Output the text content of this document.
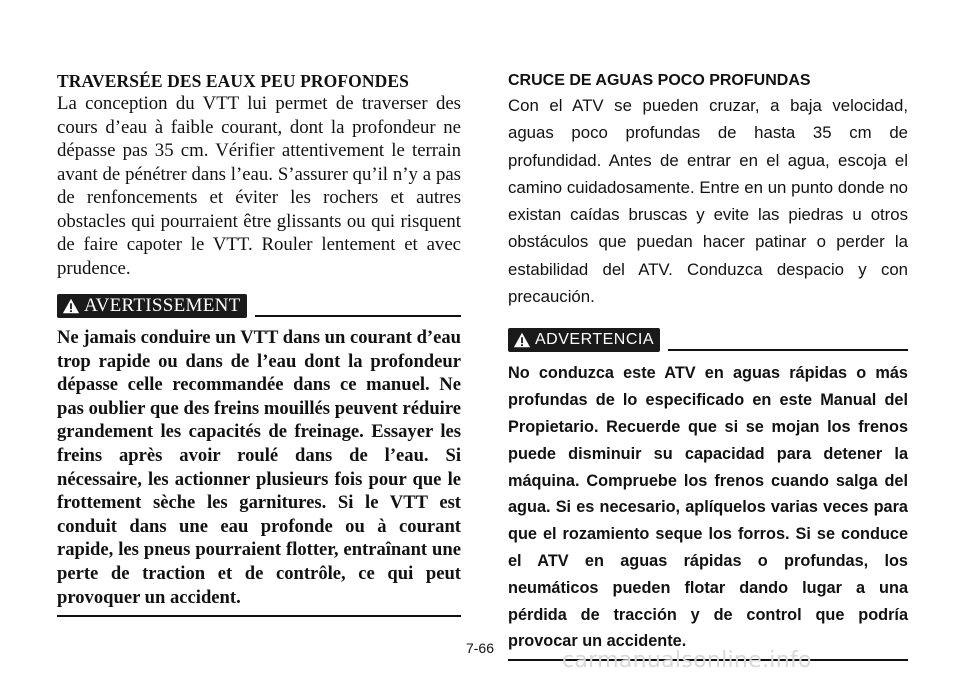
TRAVERSÉE DES EAUX PEU PROFONDES

La conception du VTT lui permet de traverser des cours d’eau à faible courant, dont la profondeur ne dépasse pas 35 cm. Vérifier attentivement le terrain avant de pénétrer dans l’eau. S’assurer qu’il n’y a pas de renfoncements et éviter les rochers et autres obstacles qui pourraient être glissants ou qui risquent de faire capoter le VTT. Rouler lentement et avec prudence.

AVERTISSEMENT

Ne jamais conduire un VTT dans un courant d’eau trop rapide ou dans de l’eau dont la profondeur dépasse celle recommandée dans ce manuel. Ne pas oublier que des freins mouillés peuvent réduire grandement les capacités de freinage. Essayer les freins après avoir roulé dans de l’eau. Si nécessaire, les actionner plusieurs fois pour que le frottement sèche les garnitures. Si le VTT est conduit dans une eau profonde ou à courant rapide, les pneus pourraient flotter, entraînant une perte de traction et de contrôle, ce qui peut provoquer un accident.

CRUCE DE AGUAS POCO PROFUNDAS

Con el ATV se pueden cruzar, a baja velocidad, aguas poco profundas de hasta 35 cm de profundidad. Antes de entrar en el agua, escoja el camino cuidadosamente. Entre en un punto donde no existan caídas bruscas y evite las piedras u otros obstáculos que puedan hacer patinar o perder la estabilidad del ATV. Conduzca despacio y con precaución.

ADVERTENCIA

No conduzca este ATV en aguas rápidas o más profundas de lo especificado en este Manual del Propietario. Recuerde que si se mojan los frenos puede disminuir su capacidad para detener la máquina. Compruebe los frenos cuando salga del agua. Si es necesario, aplíquelos varias veces para que el rozamiento seque los forros. Si se conduce el ATV en aguas rápidas o profundas, los neumáticos pueden flotar dando lugar a una pérdida de tracción y de control que podría provocar un accidente.

7-66	carmanualsonline.info
